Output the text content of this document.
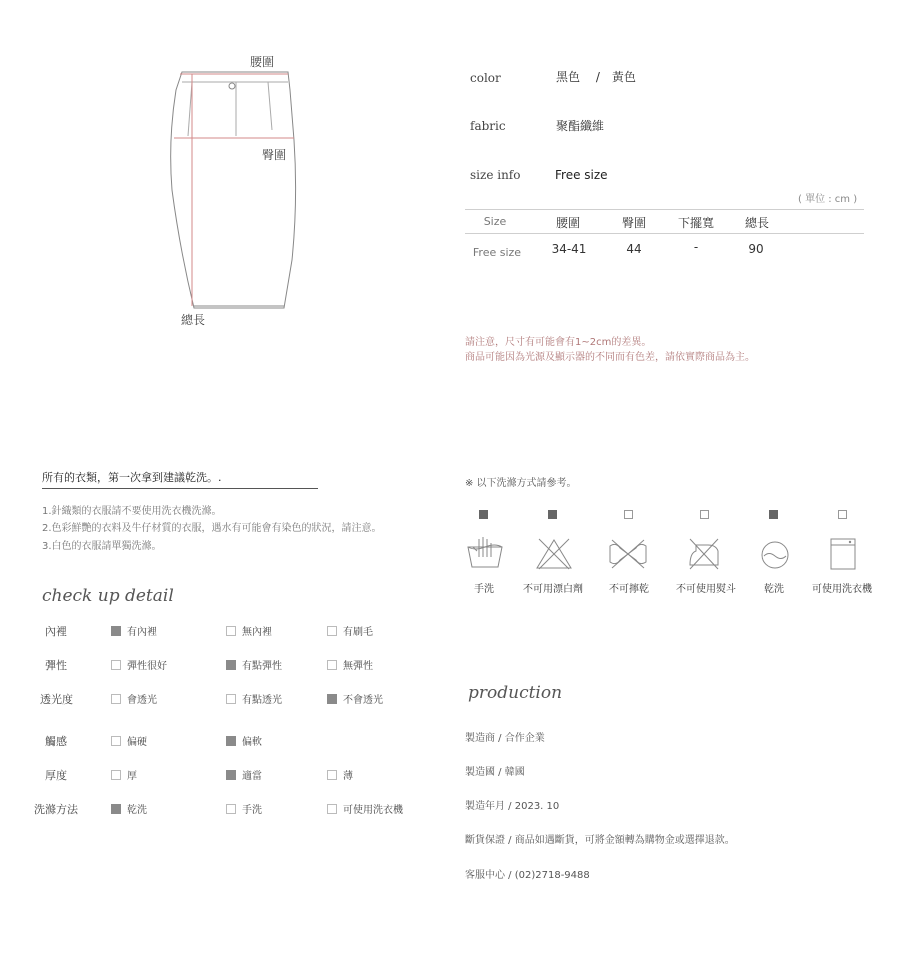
腰圍
臀圍
總長
color	黑色　 /　黃色
fabric	聚酯纖維
size info	Free size
( 單位 : cm )
Size	腰圍	臀圍	下擺寬	總長
Free size	34-41	44	-	90
請注意，尺寸有可能會有1~2cm的差異。
商品可能因為光源及顯示器的不同而有色差，請依實際商品為主。
所有的衣類，第一次拿到建議乾洗。.
1.針織類的衣服請不要使用洗衣機洗滌。
2.色彩鮮艷的衣料及牛仔材質的衣服，遇水有可能會有染色的狀況，請注意。
3.白色的衣服請單獨洗滌。
check up detail
內裡	有內裡	無內裡	有刷毛
彈性	彈性很好	有點彈性	無彈性
透光度	會透光	有點透光	不會透光
觸感	偏硬	偏軟
厚度	厚	適當	薄
洗滌方法	乾洗	手洗	可使用洗衣機
※ 以下洗滌方式請參考。
手洗	不可用漂白劑	不可擰乾	不可使用熨斗	乾洗	可使用洗衣機
production
製造商 / 合作企業
製造國 / 韓國
製造年月 / 2023. 10
斷貨保證 / 商品如遇斷貨，可將金額轉為購物金或選擇退款。
客服中心 / (02)2718-9488
